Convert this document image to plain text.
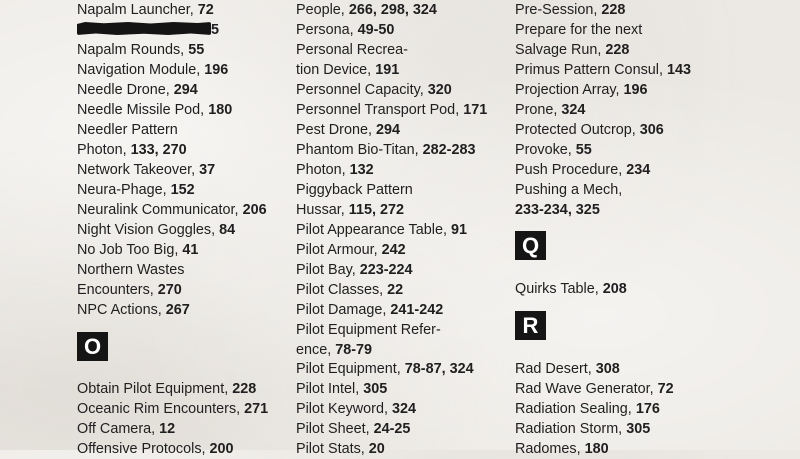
Napalm Launcher, 72
5
Napalm Rounds, 55
Navigation Module, 196
Needle Drone, 294
Needle Missile Pod, 180
Needler Pattern
Photon, 133, 270
Network Takeover, 37
Neura-Phage, 152
Neuralink Communicator, 206
Night Vision Goggles, 84
No Job Too Big, 41
Northern Wastes
Encounters, 270
NPC Actions, 267
O
Obtain Pilot Equipment, 228
Oceanic Rim Encounters, 271
Off Camera, 12
Offensive Protocols, 200
People, 266, 298, 324
Persona, 49-50
Personal Recrea-
tion Device, 191
Personnel Capacity, 320
Personnel Transport Pod, 171
Pest Drone, 294
Phantom Bio-Titan, 282-283
Photon, 132
Piggyback Pattern
Hussar, 115, 272
Pilot Appearance Table, 91
Pilot Armour, 242
Pilot Bay, 223-224
Pilot Classes, 22
Pilot Damage, 241-242
Pilot Equipment Refer-
ence, 78-79
Pilot Equipment, 78-87, 324
Pilot Intel, 305
Pilot Keyword, 324
Pilot Sheet, 24-25
Pilot Stats, 20
Pre-Session, 228
Prepare for the next
Salvage Run, 228
Primus Pattern Consul, 143
Projection Array, 196
Prone, 324
Protected Outcrop, 306
Provoke, 55
Push Procedure, 234
Pushing a Mech,
233-234, 325
Q
Quirks Table, 208
R
Rad Desert, 308
Rad Wave Generator, 72
Radiation Sealing, 176
Radiation Storm, 305
Radomes, 180
